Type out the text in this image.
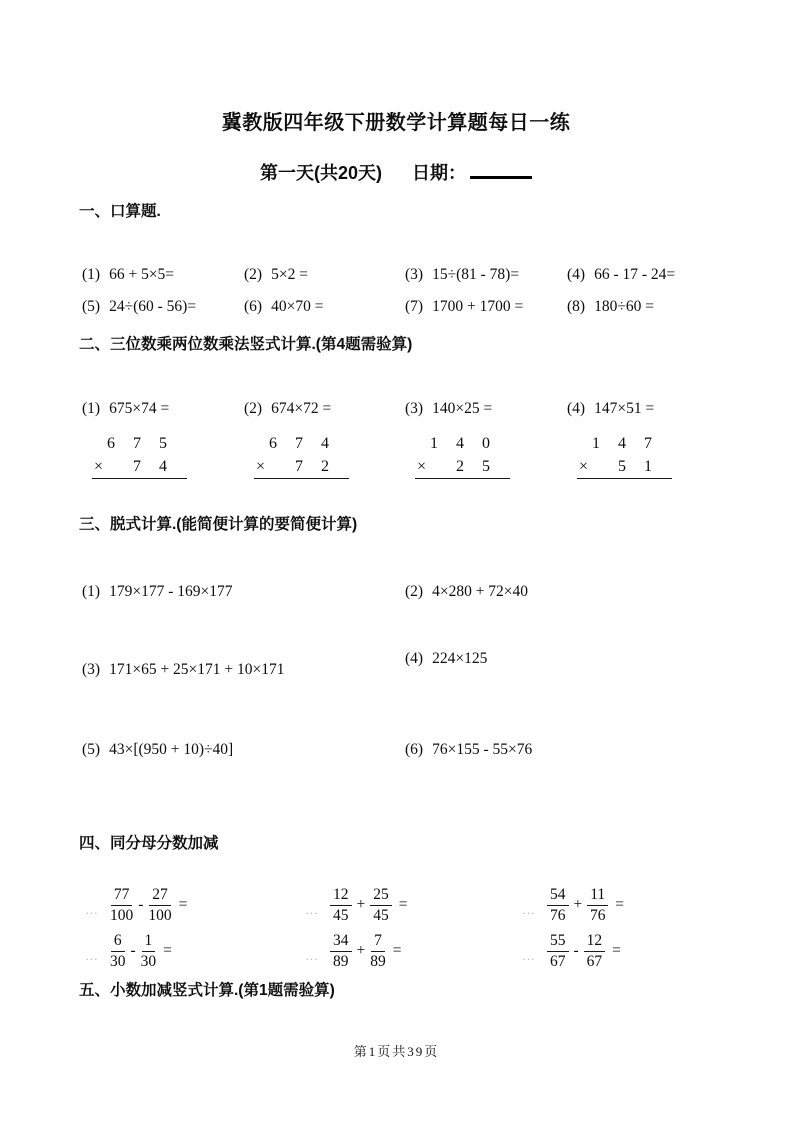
冀教版四年级下册数学计算题每日一练
第一天(共20天) 日期：
一、口算题.
(1) 66 + 5×5=	(2) 5×2 =	(3) 15÷(81 - 78)=	(4) 66 - 17 - 24=
(5) 24÷(60 - 56)=	(6) 40×70 =	(7) 1700 + 1700 =	(8) 180÷60 =
二、三位数乘两位数乘法竖式计算.(第4题需验算)
(1) 675×74 =	(2) 674×72 =	(3) 140×25 =	(4) 147×51 =
6 7 5
× 7 4
6 7 4
× 7 2
1 4 0
× 2 5
1 4 7
× 5 1
三、脱式计算.(能简便计算的要简便计算)
(1) 179×177 - 169×177	(2) 4×280 + 72×40
(3) 171×65 + 25×171 + 10×171
(4) 224×125
(5) 43×[(950 + 10)÷40]	(6) 76×155 - 55×76
四、同分母分数加减
… $\frac{77}{100} - \frac{27}{100}$ =	… $\frac{12}{45} + \frac{25}{45}$ =	… $\frac{54}{76} + \frac{11}{76}$ =
… $\frac{6}{30} - \frac{1}{30}$ =	… $\frac{34}{89} + \frac{7}{89}$ =	… $\frac{55}{67} - \frac{12}{67}$ =
五、小数加减竖式计算.(第1题需验算)
第1页共39页
